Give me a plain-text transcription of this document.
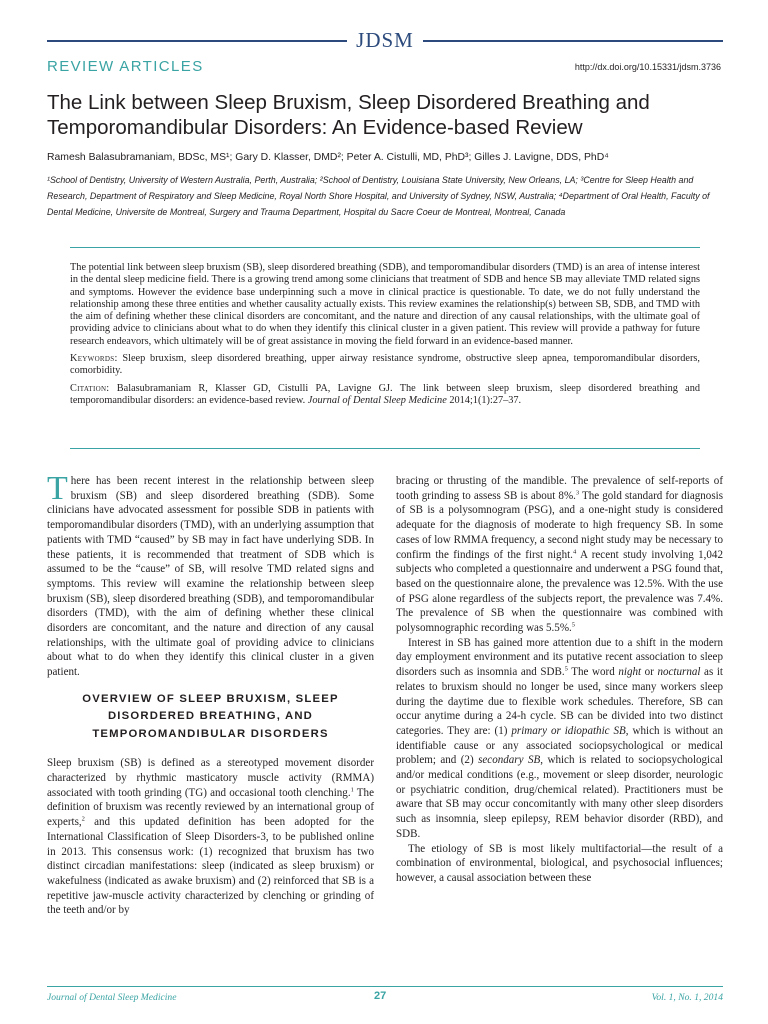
JDSM
REVIEW ARTICLES	http://dx.doi.org/10.15331/jdsm.3736
The Link between Sleep Bruxism, Sleep Disordered Breathing and Temporomandibular Disorders: An Evidence-based Review
Ramesh Balasubramaniam, BDSc, MS¹; Gary D. Klasser, DMD²; Peter A. Cistulli, MD, PhD³; Gilles J. Lavigne, DDS, PhD⁴
¹School of Dentistry, University of Western Australia, Perth, Australia; ²School of Dentistry, Louisiana State University, New Orleans, LA; ³Centre for Sleep Health and Research, Department of Respiratory and Sleep Medicine, Royal North Shore Hospital, and University of Sydney, NSW, Australia; ⁴Department of Oral Health, Faculty of Dental Medicine, Universite de Montreal, Surgery and Trauma Department, Hospital du Sacre Coeur de Montreal, Montreal, Canada

The potential link between sleep bruxism (SB), sleep disordered breathing (SDB), and temporomandibular disorders (TMD) is an area of intense interest in the dental sleep medicine field. There is a growing trend among some clinicians that treatment of SDB and hence SB may alleviate TMD related signs and symptoms. However the evidence base underpinning such a move in clinical practice is questionable. To date, we do not fully understand the relationship among these three entities and whether causality actually exists. This review examines the relationship(s) between SB, SDB, and TMD with the aim of defining whether these clinical disorders are concomitant, and the nature and direction of any causal relationships, with the ultimate goal of providing advice to clinicians about what to do when they identify this clinical cluster in a given patient. This review will provide a pathway for future research endeavors, which ultimately will be of great assistance in moving the field forward in an evidence-based manner.

Keywords: Sleep bruxism, sleep disordered breathing, upper airway resistance syndrome, obstructive sleep apnea, temporomandibular disorders, comorbidity.

Citation: Balasubramaniam R, Klasser GD, Cistulli PA, Lavigne GJ. The link between sleep bruxism, sleep disordered breathing and temporomandibular disorders: an evidence-based review. Journal of Dental Sleep Medicine 2014;1(1):27–37.

There has been recent interest in the relationship between sleep bruxism (SB) and sleep disordered breathing (SDB). Some clinicians have advocated assessment for possible SDB in patients with temporomandibular disorders (TMD), with an underlying assumption that patients with TMD “caused” by SB may in fact have underlying SDB. In these patients, it is recommended that treatment of SDB which is assumed to be the “cause” of SB, will resolve TMD related signs and symptoms. This review will examine the relationship between sleep bruxism (SB), sleep disordered breathing (SDB), and temporomandibular disorders (TMD), with the aim of defining whether these clinical disorders are concomitant, and the nature and direction of any causal relationships, with the ultimate goal of providing advice to clinicians about what to do when they identify this clinical cluster in a given patient.

OVERVIEW OF SLEEP BRUXISM, SLEEP DISORDERED BREATHING, AND TEMPOROMANDIBULAR DISORDERS

Sleep bruxism (SB) is defined as a stereotyped movement disorder characterized by rhythmic masticatory muscle activity (RMMA) associated with tooth grinding (TG) and occasional tooth clenching.$^1$ The definition of bruxism was recently reviewed by an international group of experts,$^2$ and this updated definition has been adopted for the International Classification of Sleep Disorders-3, to be published online in 2013. This consensus work: (1) recognized that bruxism has two distinct circadian manifestations: sleep (indicated as sleep bruxism) or wakefulness (indicated as awake bruxism) and (2) reinforced that SB is a repetitive jaw-muscle activity characterized by clenching or grinding of the teeth and/or by

bracing or thrusting of the mandible. The prevalence of self-reports of tooth grinding to assess SB is about 8%.$^3$ The gold standard for diagnosis of SB is a polysomnogram (PSG), and a one-night study is considered adequate for the diagnosis of moderate to high frequency SB. In some cases of low RMMA frequency, a second night study may be necessary to confirm the findings of the first night.$^4$ A recent study involving 1,042 subjects who completed a questionnaire and underwent a PSG found that, based on the questionnaire alone, the prevalence was 12.5%. With the use of PSG alone regardless of the subjects report, the prevalence was 7.4%. The prevalence of SB when the questionnaire was combined with polysomnographic recording was 5.5%.$^5$

Interest in SB has gained more attention due to a shift in the modern day employment environment and its putative recent association to sleep disorders such as insomnia and SDB.$^5$ The word night or nocturnal as it relates to bruxism should no longer be used, since many workers sleep during the daytime due to flexible work schedules. Therefore, SB can occur anytime during a 24-h cycle. SB can be divided into two distinct categories. They are: (1) primary or idiopathic SB, which is without an identifiable cause or any associated sociopsychological or medical problem; and (2) secondary SB, which is related to sociopsychological and/or medical conditions (e.g., movement or sleep disorder, neurologic or psychiatric condition, drug/chemical related). Practitioners must be aware that SB may occur concomitantly with many other sleep disorders such as insomnia, sleep epilepsy, REM behavior disorder (RBD), and SDB.

The etiology of SB is most likely multifactorial—the result of a combination of environmental, biological, and psychosocial influences; however, a causal association between these

Journal of Dental Sleep Medicine	27	Vol. 1, No. 1, 2014
